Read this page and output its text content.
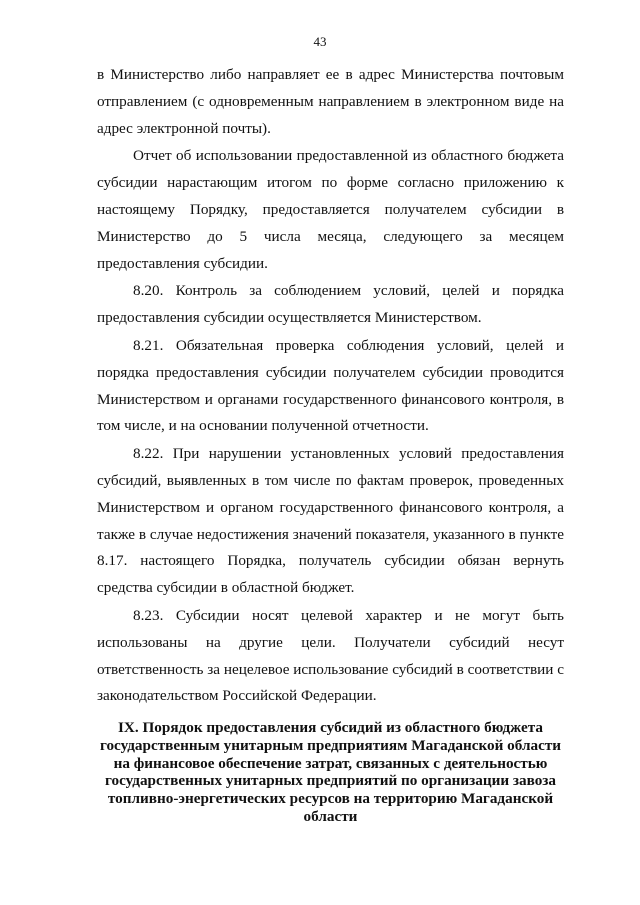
43

в Министерство либо направляет ее в адрес Министерства почтовым отправлением (с одновременным направлением в электронном виде на адрес электронной почты).

Отчет об использовании предоставленной из областного бюджета субсидии нарастающим итогом по форме согласно приложению к настоящему Порядку, предоставляется получателем субсидии в Министерство до 5 числа месяца, следующего за месяцем предоставления субсидии.

8.20. Контроль за соблюдением условий, целей и порядка предоставления субсидии осуществляется Министерством.

8.21. Обязательная проверка соблюдения условий, целей и порядка предоставления субсидии получателем субсидии проводится Министерством и органами государственного финансового контроля, в том числе, и на основании полученной отчетности.

8.22. При нарушении установленных условий предоставления субсидий, выявленных в том числе по фактам проверок, проведенных Министерством и органом государственного финансового контроля, а также в случае недостижения значений показателя, указанного в пункте 8.17. настоящего Порядка, получатель субсидии обязан вернуть средства субсидии в областной бюджет.

8.23. Субсидии носят целевой характер и не могут быть использованы на другие цели. Получатели субсидий несут ответственность за нецелевое использование субсидий в соответствии с законодательством Российской Федерации.

IX. Порядок предоставления субсидий из областного бюджета государственным унитарным предприятиям Магаданской области на финансовое обеспечение затрат, связанных с деятельностью государственных унитарных предприятий по организации завоза топливно-энергетических ресурсов на территорию Магаданской области
